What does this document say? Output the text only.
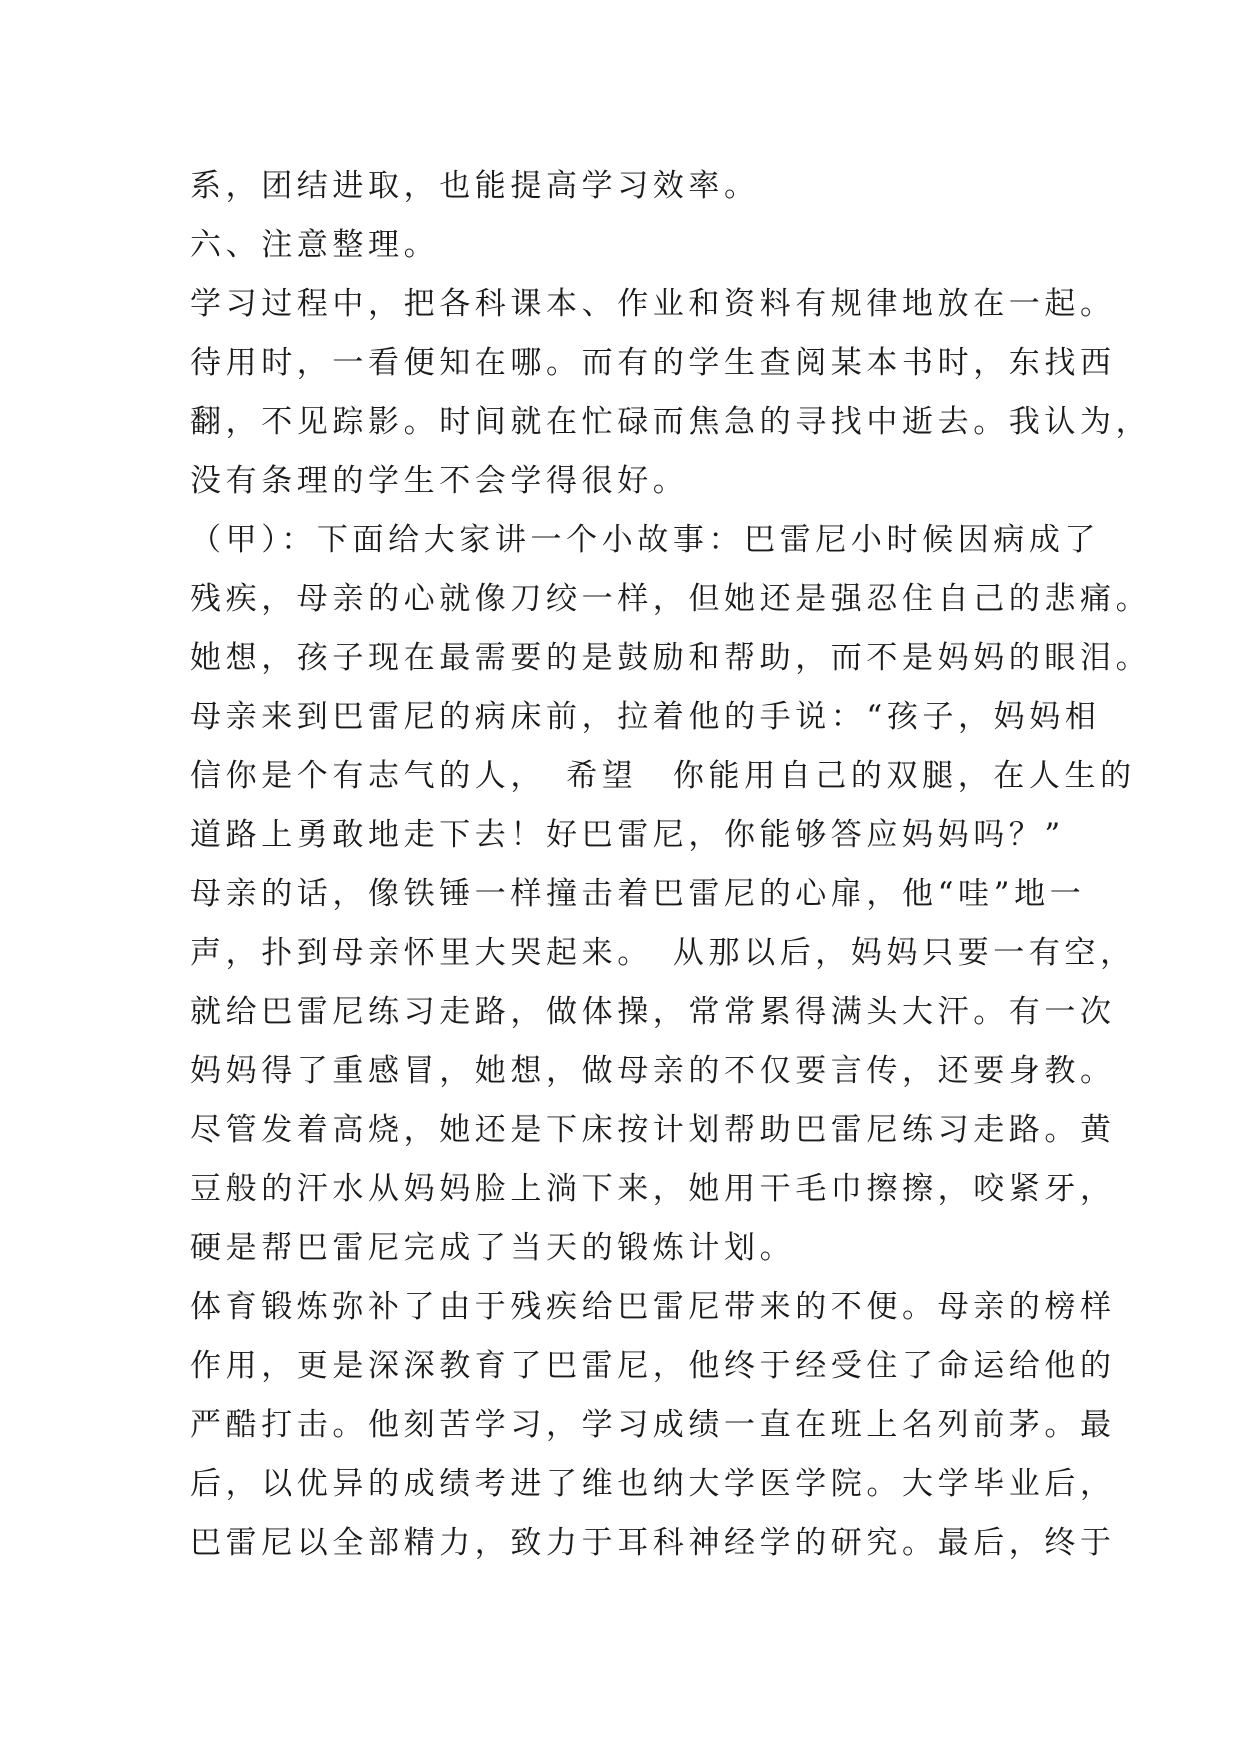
系，团结进取，也能提高学习效率。
六、注意整理。
学习过程中，把各科课本、作业和资料有规律地放在一起。
待用时，一看便知在哪。而有的学生查阅某本书时，东找西
翻，不见踪影。时间就在忙碌而焦急的寻找中逝去。我认为，
没有条理的学生不会学得很好。
（甲）：下面给大家讲一个小故事：巴雷尼小时候因病成了
残疾，母亲的心就像刀绞一样，但她还是强忍住自己的悲痛。
她想，孩子现在最需要的是鼓励和帮助，而不是妈妈的眼泪。
母亲来到巴雷尼的病床前，拉着他的手说：“孩子，妈妈相
信你是个有志气的人，　希望　你能用自己的双腿，在人生的
道路上勇敢地走下去！好巴雷尼，你能够答应妈妈吗？”
母亲的话，像铁锤一样撞击着巴雷尼的心扉，他“哇”地一
声，扑到母亲怀里大哭起来。　从那以后，妈妈只要一有空，
就给巴雷尼练习走路，做体操，常常累得满头大汗。有一次
妈妈得了重感冒，她想，做母亲的不仅要言传，还要身教。
尽管发着高烧，她还是下床按计划帮助巴雷尼练习走路。黄
豆般的汗水从妈妈脸上淌下来，她用干毛巾擦擦，咬紧牙，
硬是帮巴雷尼完成了当天的锻炼计划。
体育锻炼弥补了由于残疾给巴雷尼带来的不便。母亲的榜样
作用，更是深深教育了巴雷尼，他终于经受住了命运给他的
严酷打击。他刻苦学习，学习成绩一直在班上名列前茅。最
后，以优异的成绩考进了维也纳大学医学院。大学毕业后，
巴雷尼以全部精力，致力于耳科神经学的研究。最后，终于
